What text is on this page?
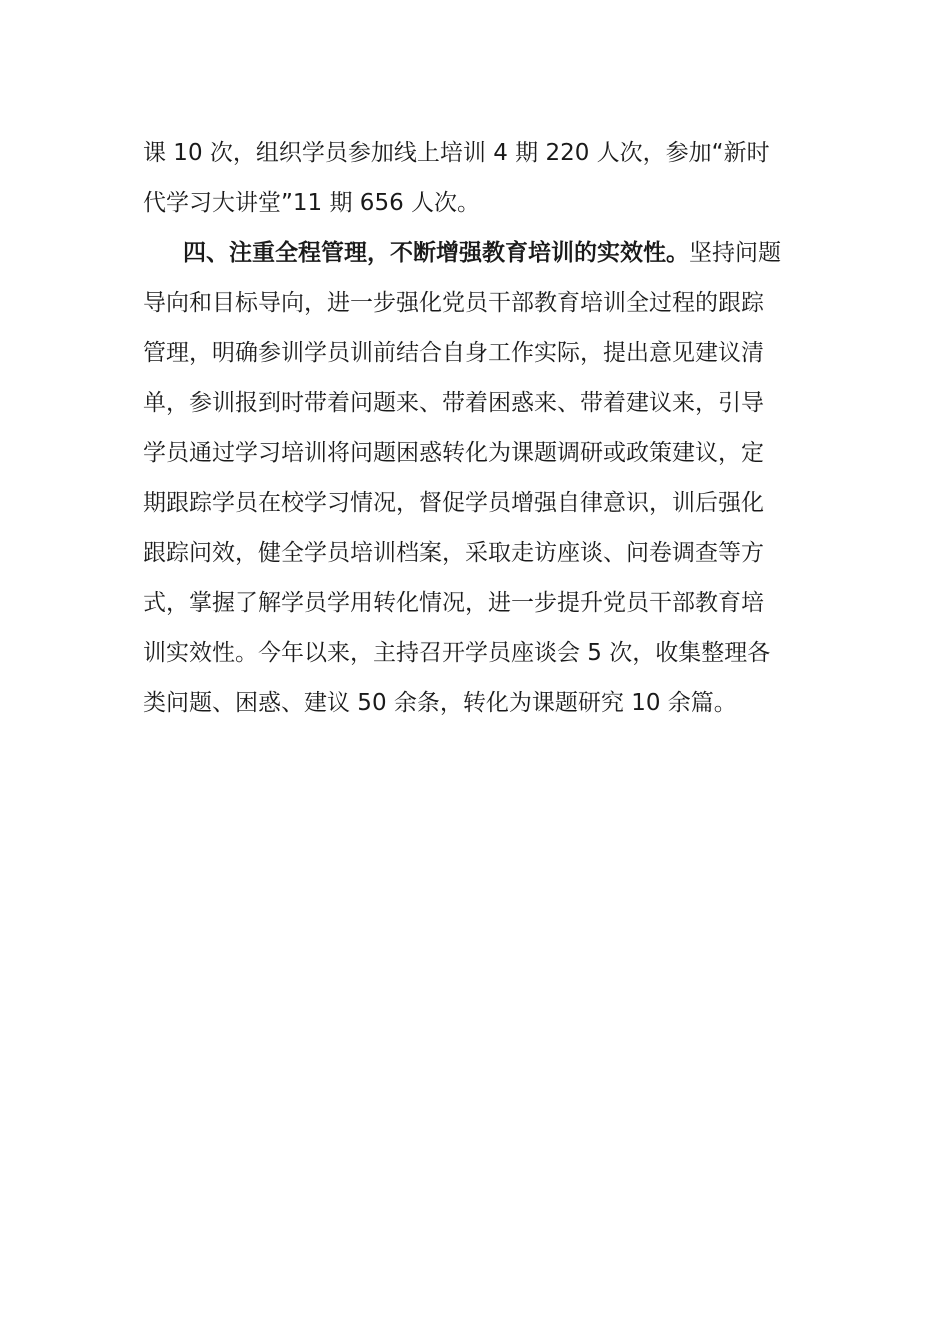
课 10 次，组织学员参加线上培训 4 期 220 人次，参加“新时
代学习大讲堂”11 期 656 人次。
四、注重全程管理，不断增强教育培训的实效性。坚持问题
导向和目标导向，进一步强化党员干部教育培训全过程的跟踪
管理，明确参训学员训前结合自身工作实际，提出意见建议清
单，参训报到时带着问题来、带着困惑来、带着建议来，引导
学员通过学习培训将问题困惑转化为课题调研或政策建议，定
期跟踪学员在校学习情况，督促学员增强自律意识，训后强化
跟踪问效，健全学员培训档案，采取走访座谈、问卷调查等方
式，掌握了解学员学用转化情况，进一步提升党员干部教育培
训实效性。今年以来，主持召开学员座谈会 5 次，收集整理各
类问题、困惑、建议 50 余条，转化为课题研究 10 余篇。
